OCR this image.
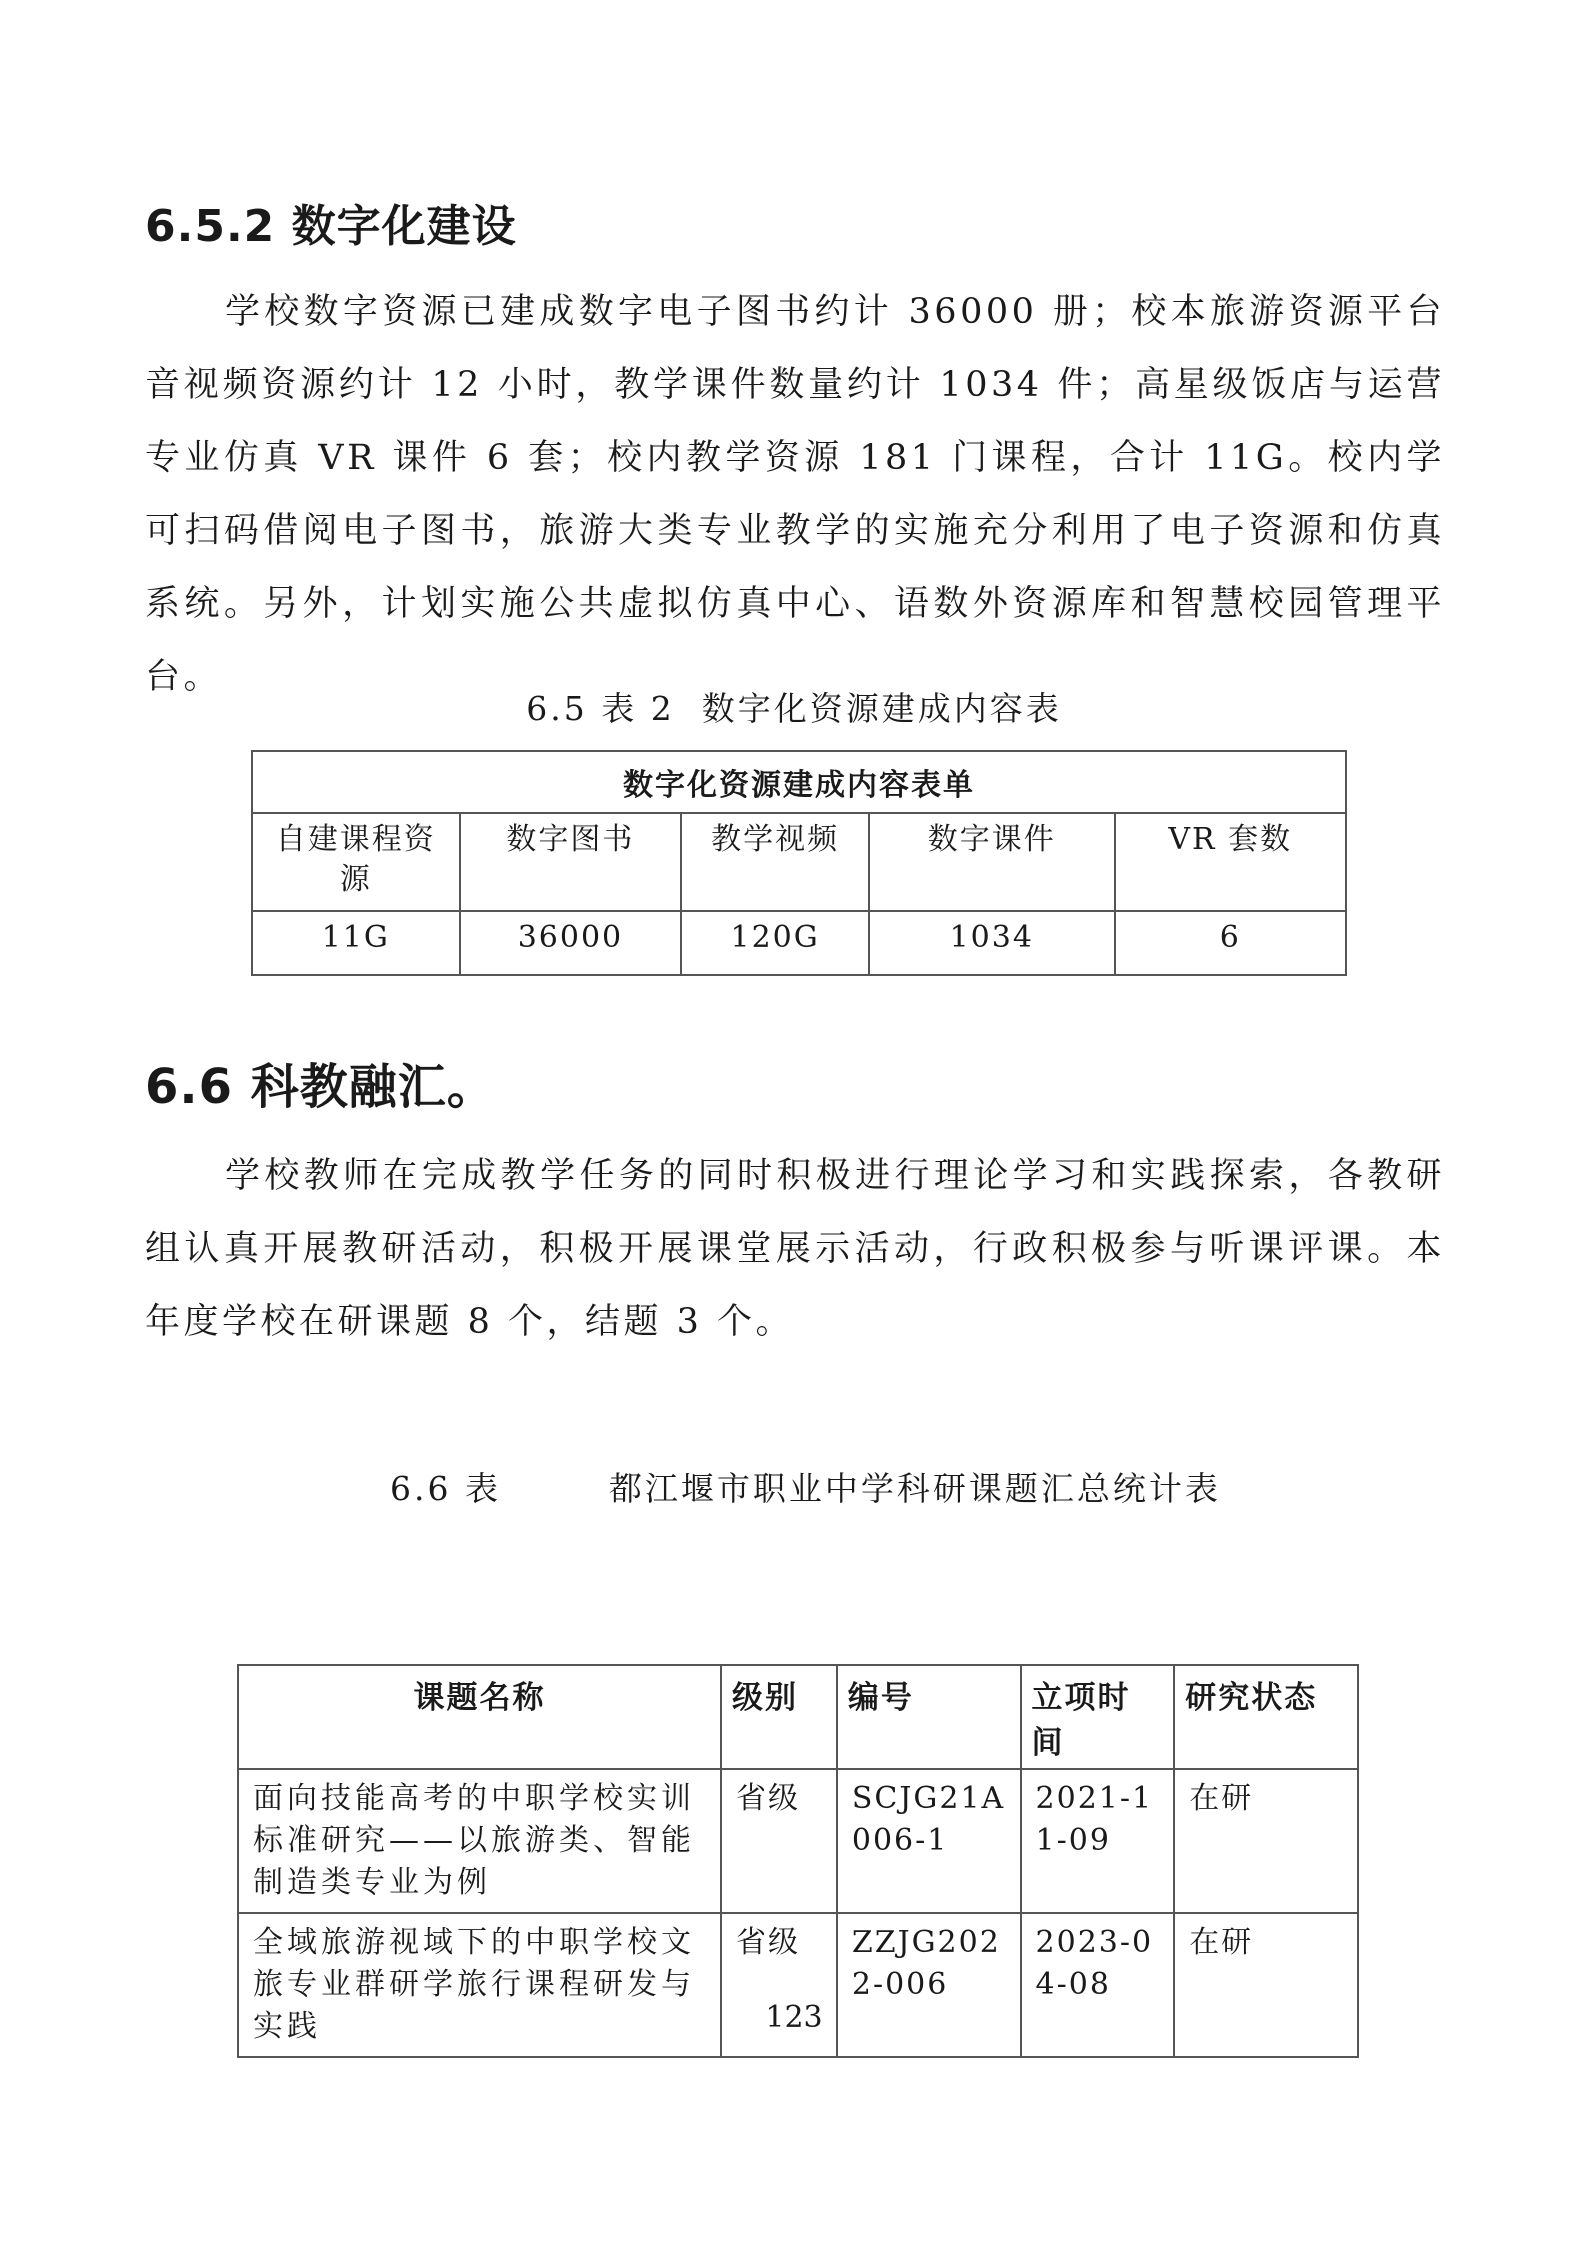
6.5.2 数字化建设
学校数字资源已建成数字电子图书约计 36000 册；校本旅游资源平台音视频资源约计 12 小时，教学课件数量约计 1034 件；高星级饭店与运营专业仿真 VR 课件 6 套；校内教学资源 181 门课程，合计 11G。校内学可扫码借阅电子图书，旅游大类专业教学的实施充分利用了电子资源和仿真系统。另外，计划实施公共虚拟仿真中心、语数外资源库和智慧校园管理平台。
6.5 表 2  数字化资源建成内容表
数字化资源建成内容表单				
自建课程资源	数字图书	教学视频	数字课件	VR 套数
11G	36000	120G	1034	6
6.6 科教融汇。
学校教师在完成教学任务的同时积极进行理论学习和实践探索，各教研组认真开展教研活动，积极开展课堂展示活动，行政积极参与听课评课。本年度学校在研课题 8 个，结题 3 个。
6.6 表        都江堰市职业中学科研课题汇总统计表
课题名称	级别	编号	立项时间	研究状态
面向技能高考的中职学校实训标准研究——以旅游类、智能制造类专业为例	省级	SCJG21A006-1	2021-11-09	在研
全域旅游视域下的中职学校文旅专业群研学旅行课程研发与实践	省级	ZZJG2022-006	2023-04-08	在研
123
